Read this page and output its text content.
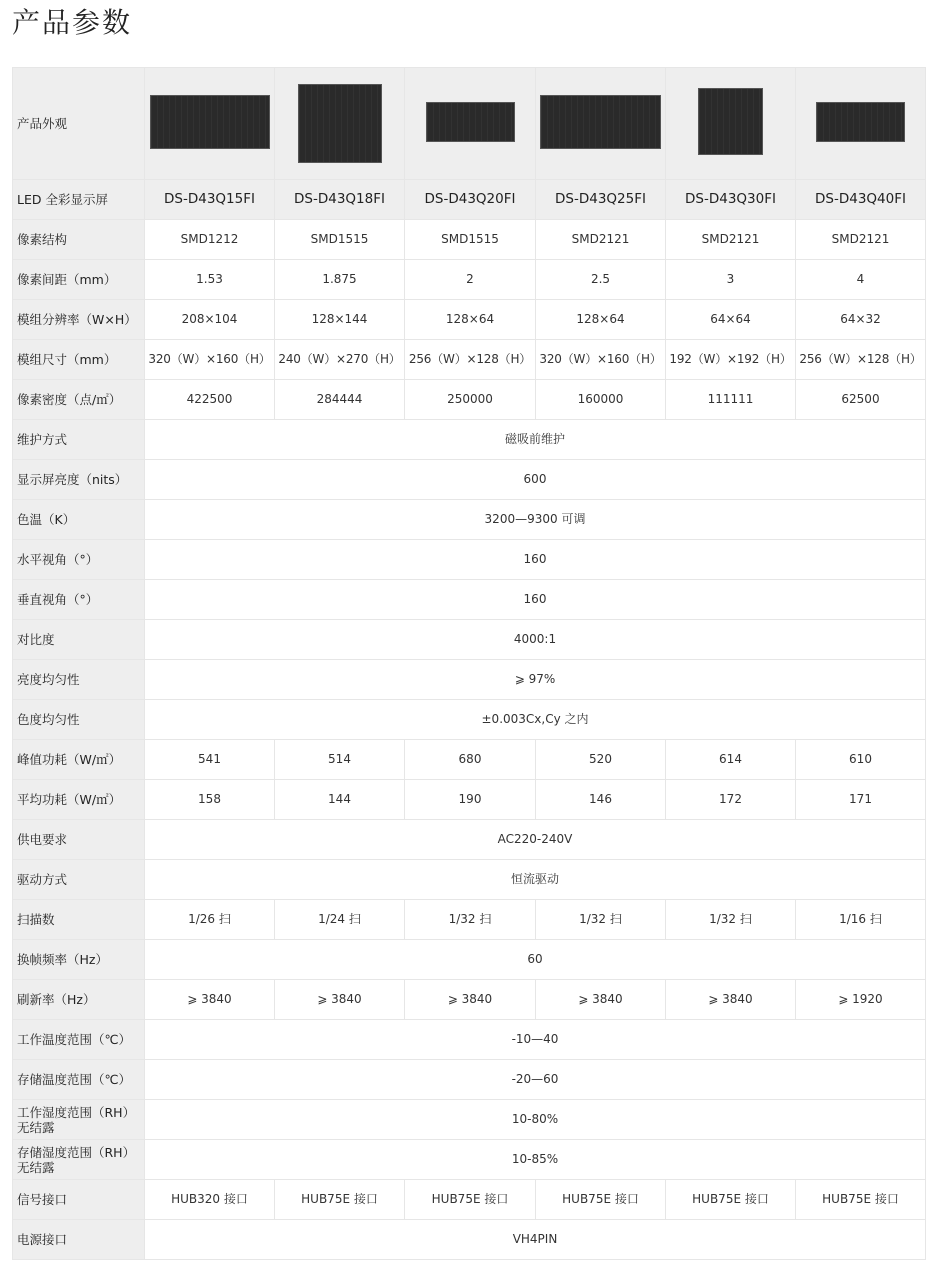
产品参数
产品外观						
LED 全彩显示屏	DS-D43Q15FI	DS-D43Q18FI	DS-D43Q20FI	DS-D43Q25FI	DS-D43Q30FI	DS-D43Q40FI
像素结构	SMD1212	SMD1515	SMD1515	SMD2121	SMD2121	SMD2121
像素间距（mm）	1.53	1.875	2	2.5	3	4
模组分辨率（W×H）	208×104	128×144	128×64	128×64	64×64	64×32
模组尺寸（mm）	320（W）×160（H）	240（W）×270（H）	256（W）×128（H）	320（W）×160（H）	192（W）×192（H）	256（W）×128（H）
像素密度（点/㎡）	422500	284444	250000	160000	111111	62500
维护方式	磁吸前维护					
显示屏亮度（nits）	600					
色温（K）	3200—9300 可调					
水平视角（°）	160					
垂直视角（°）	160					
对比度	4000:1					
亮度均匀性	⩾ 97%					
色度均匀性	±0.003Cx,Cy 之内					
峰值功耗（W/㎡）	541	514	680	520	614	610
平均功耗（W/㎡）	158	144	190	146	172	171
供电要求	AC220-240V					
驱动方式	恒流驱动					
扫描数	1/26 扫	1/24 扫	1/32 扫	1/32 扫	1/32 扫	1/16 扫
换帧频率（Hz）	60					
刷新率（Hz）	⩾ 3840	⩾ 3840	⩾ 3840	⩾ 3840	⩾ 3840	⩾ 1920
工作温度范围（℃）	-10—40					
存储温度范围（℃）	-20—60					
工作湿度范围（RH）
无结露	10-80%					
存储湿度范围（RH）
无结露	10-85%					
信号接口	HUB320 接口	HUB75E 接口	HUB75E 接口	HUB75E 接口	HUB75E 接口	HUB75E 接口
电源接口	VH4PIN					
